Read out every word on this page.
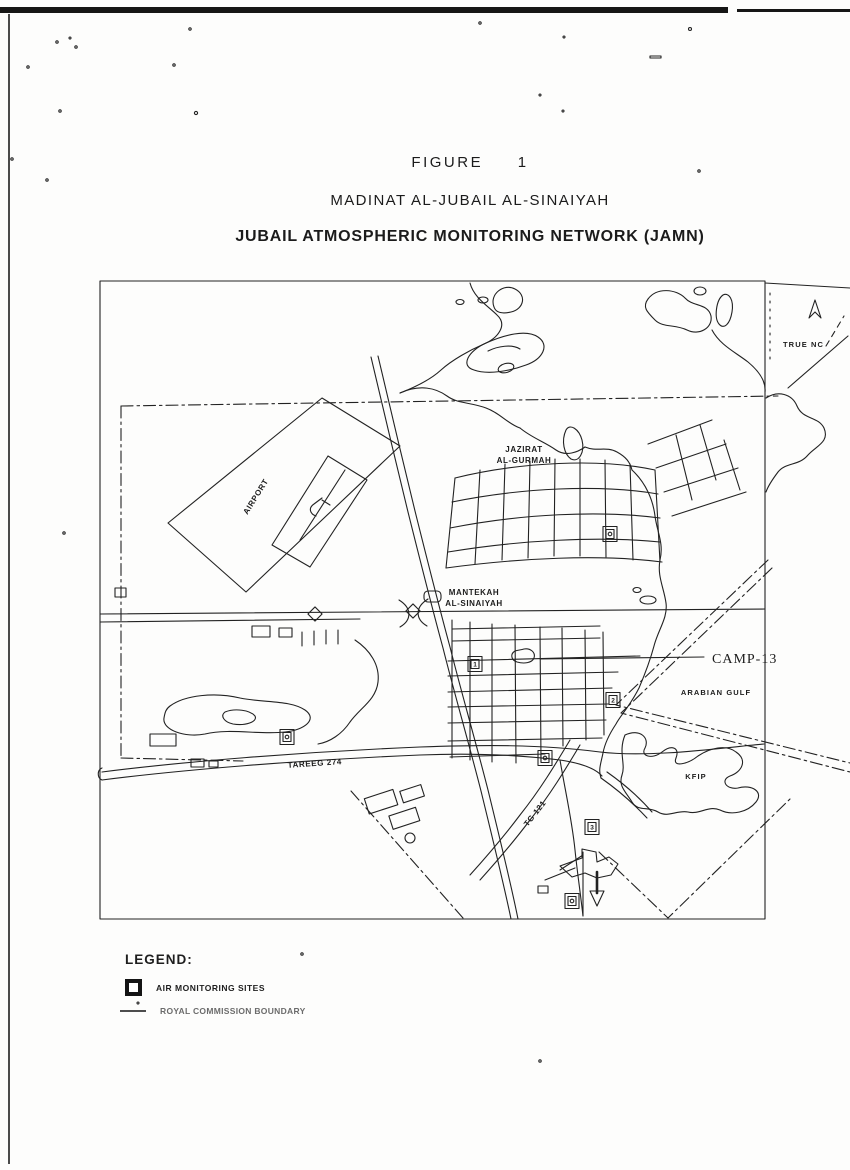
FIGURE 1
MADINAT AL-JUBAIL AL-SINAIYAH
JUBAIL ATMOSPHERIC MONITORING NETWORK (JAMN)
TRUE NC
AIRPORT
TAREEG 274
TG 121
KFIP
CAMP-13
JAZIRAT
AL-GURMAH
MANTEKAH
AL-SINAIYAH
ARABIAN GULF
1
2
3
LEGEND:
AIR MONITORING SITES
ROYAL COMMISSION BOUNDARY
